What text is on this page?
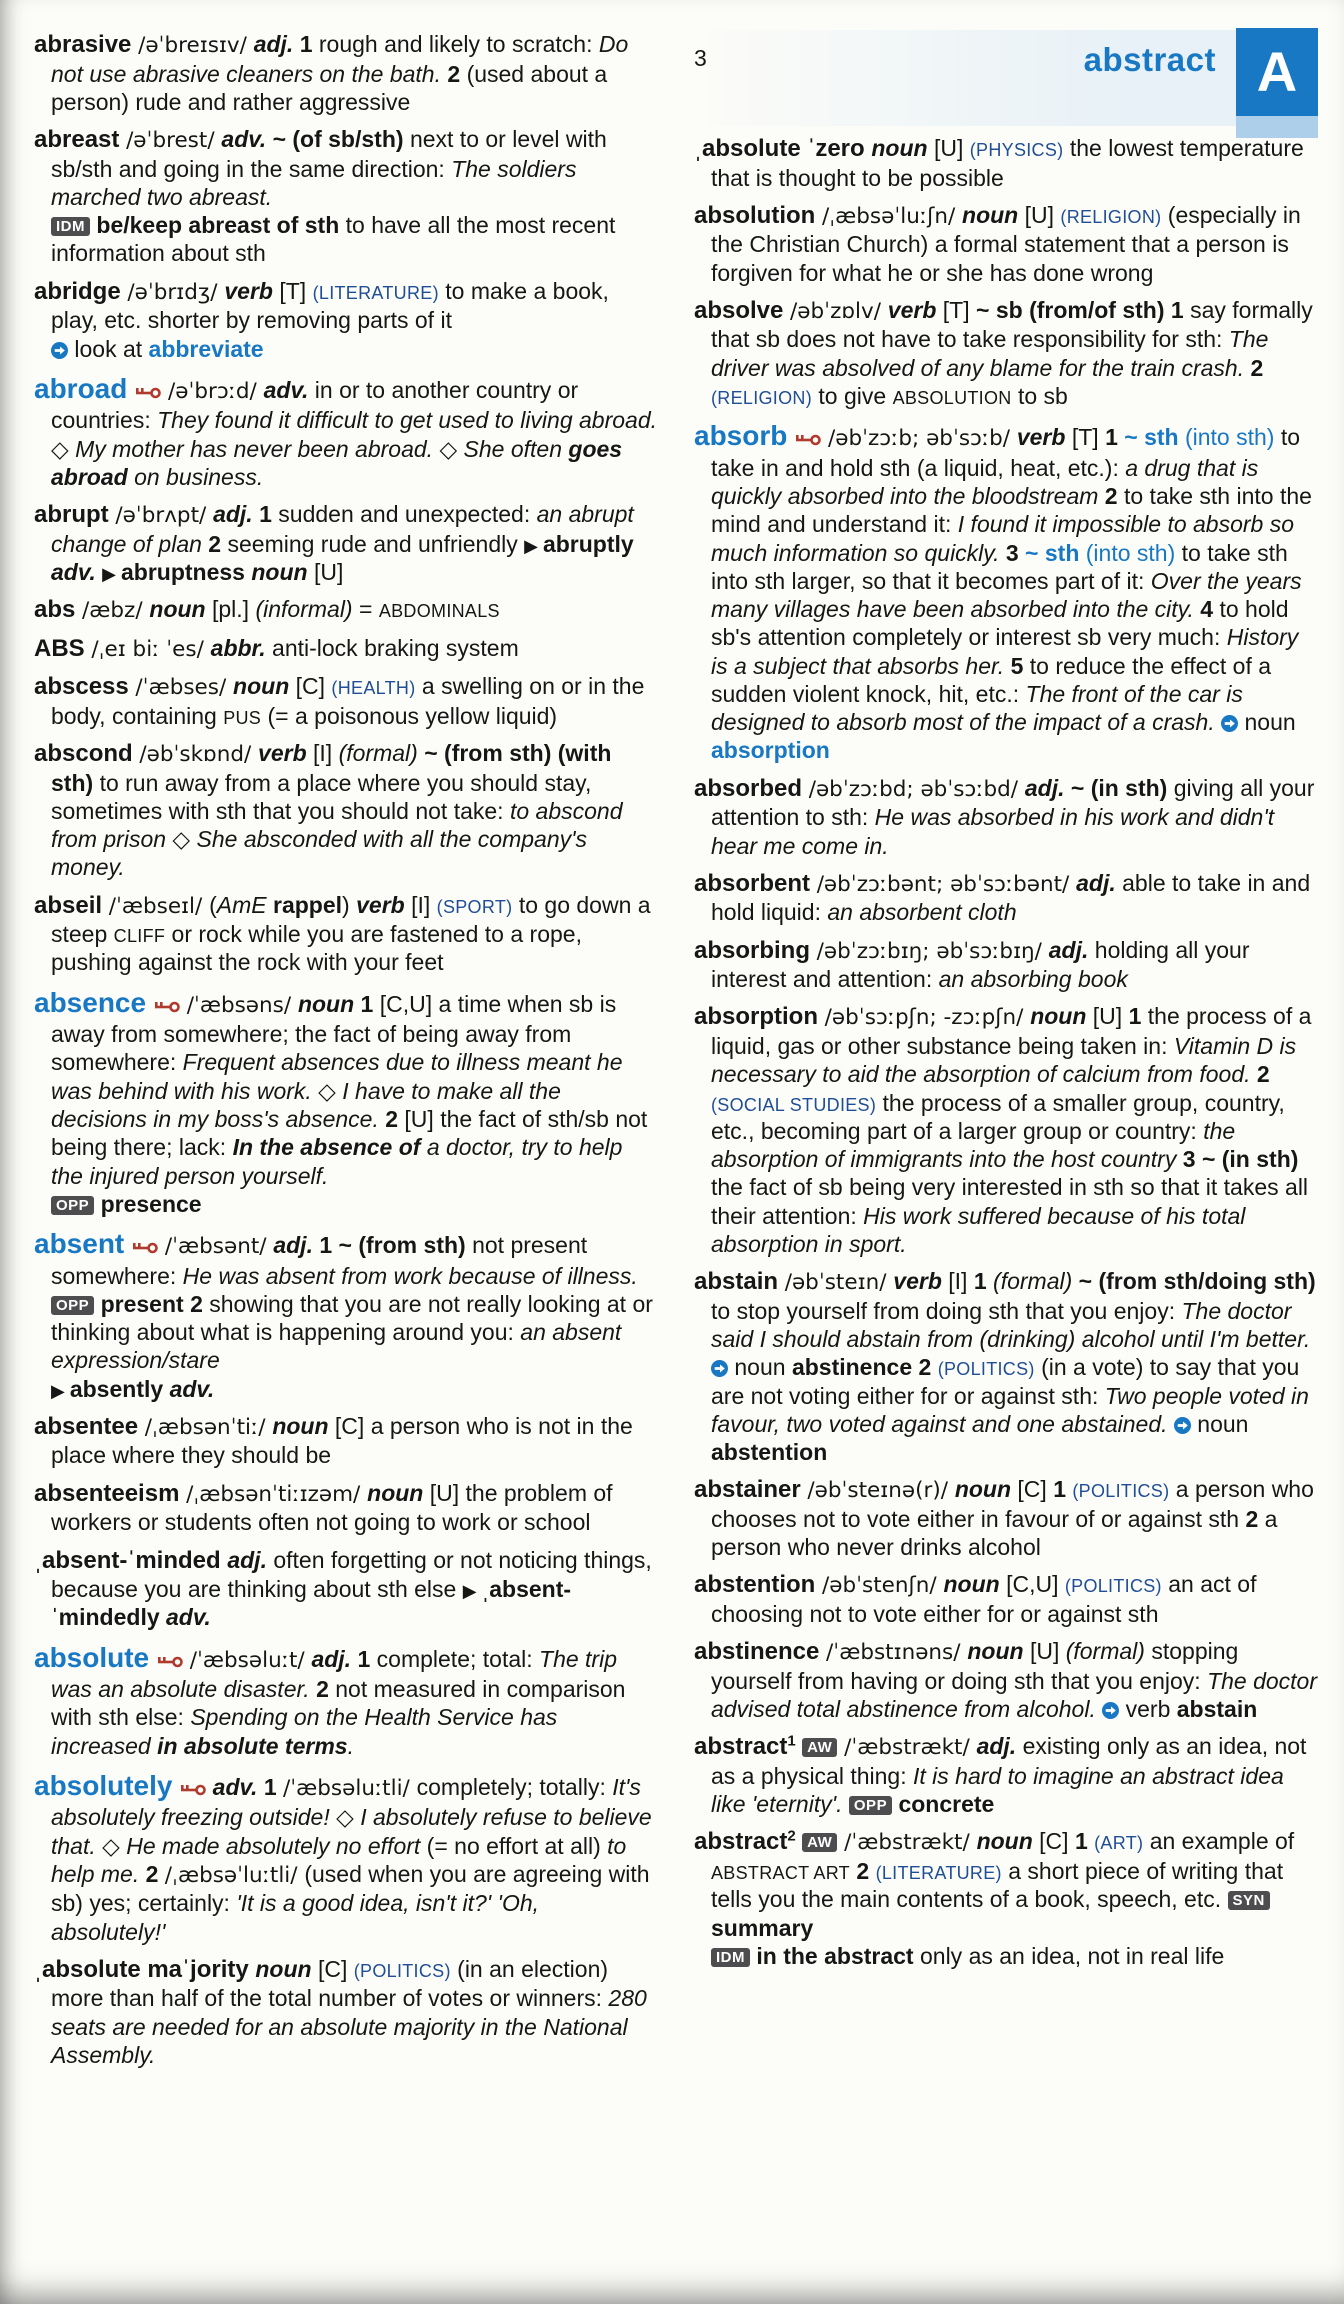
abrasive /əˈbreɪsɪv/ adj. 1 rough and likely to scratch: Do not use abrasive cleaners on the bath. 2 (used about a person) rude and rather aggressive
abreast /əˈbrest/ adv. ~ (of sb/sth) next to or level with sb/sth and going in the same direction: The soldiers marched two abreast.
IDM be/keep abreast of sth to have all the most recent information about sth
abridge /əˈbrɪdʒ/ verb [T] (LITERATURE) to make a book, play, etc. shorter by removing parts of it
look at abbreviate
abroad  /əˈbrɔːd/ adv. in or to another country or countries: They found it difficult to get used to living abroad. ◇ My mother has never been abroad. ◇ She often goes abroad on business.
abrupt /əˈbrʌpt/ adj. 1 sudden and unexpected: an abrupt change of plan 2 seeming rude and unfriendly ▶ abruptly adv. ▶ abruptness noun [U]
abs /æbz/ noun [pl.] (informal) = ABDOMINALS
ABS /ˌeɪ biː ˈes/ abbr. anti-lock braking system
abscess /ˈæbses/ noun [C] (HEALTH) a swelling on or in the body, containing PUS (= a poisonous yellow liquid)
abscond /əbˈskɒnd/ verb [I] (formal) ~ (from sth) (with sth) to run away from a place where you should stay, sometimes with sth that you should not take: to abscond from prison ◇ She absconded with all the company's money.
abseil /ˈæbseɪl/ (AmE rappel) verb [I] (SPORT) to go down a steep CLIFF or rock while you are fastened to a rope, pushing against the rock with your feet
absence  /ˈæbsəns/ noun 1 [C,U] a time when sb is away from somewhere; the fact of being away from somewhere: Frequent absences due to illness meant he was behind with his work. ◇ I have to make all the decisions in my boss's absence. 2 [U] the fact of sth/sb not being there; lack: In the absence of a doctor, try to help the injured person yourself.
OPP presence
absent  /ˈæbsənt/ adj. 1 ~ (from sth) not present somewhere: He was absent from work because of illness. OPP present 2 showing that you are not really looking at or thinking about what is happening around you: an absent expression/stare
▶ absently adv.
absentee /ˌæbsənˈtiː/ noun [C] a person who is not in the place where they should be
absenteeism /ˌæbsənˈtiːɪzəm/ noun [U] the problem of workers or students often not going to work or school
ˌabsent-ˈminded adj. often forgetting or not noticing things, because you are thinking about sth else ▶ ˌabsent-ˈmindedly adv.
absolute  /ˈæbsəluːt/ adj. 1 complete; total: The trip was an absolute disaster. 2 not measured in comparison with sth else: Spending on the Health Service has increased in absolute terms.
absolutely  adv. 1 /ˈæbsəluːtli/ completely; totally: It's absolutely freezing outside! ◇ I absolutely refuse to believe that. ◇ He made absolutely no effort (= no effort at all) to help me. 2 /ˌæbsəˈluːtli/ (used when you are agreeing with sb) yes; certainly: 'It is a good idea, isn't it?' 'Oh, absolutely!'
ˌabsolute maˈjority noun [C] (POLITICS) (in an election) more than half of the total number of votes or winners: 280 seats are needed for an absolute majority in the National Assembly.
3	abstract A
ˌabsolute ˈzero noun [U] (PHYSICS) the lowest temperature that is thought to be possible
absolution /ˌæbsəˈluːʃn/ noun [U] (RELIGION) (especially in the Christian Church) a formal statement that a person is forgiven for what he or she has done wrong
absolve /əbˈzɒlv/ verb [T] ~ sb (from/of sth) 1 say formally that sb does not have to take responsibility for sth: The driver was absolved of any blame for the train crash. 2 (RELIGION) to give ABSOLUTION to sb
absorb  /əbˈzɔːb; əbˈsɔːb/ verb [T] 1 ~ sth (into sth) to take in and hold sth (a liquid, heat, etc.): a drug that is quickly absorbed into the bloodstream 2 to take sth into the mind and understand it: I found it impossible to absorb so much information so quickly. 3 ~ sth (into sth) to take sth into sth larger, so that it becomes part of it: Over the years many villages have been absorbed into the city. 4 to hold sb's attention completely or interest sb very much: History is a subject that absorbs her. 5 to reduce the effect of a sudden violent knock, hit, etc.: The front of the car is designed to absorb most of the impact of a crash.  noun absorption
absorbed /əbˈzɔːbd; əbˈsɔːbd/ adj. ~ (in sth) giving all your attention to sth: He was absorbed in his work and didn't hear me come in.
absorbent /əbˈzɔːbənt; əbˈsɔːbənt/ adj. able to take in and hold liquid: an absorbent cloth
absorbing /əbˈzɔːbɪŋ; əbˈsɔːbɪŋ/ adj. holding all your interest and attention: an absorbing book
absorption /əbˈsɔːpʃn; -zɔːpʃn/ noun [U] 1 the process of a liquid, gas or other substance being taken in: Vitamin D is necessary to aid the absorption of calcium from food. 2 (SOCIAL STUDIES) the process of a smaller group, country, etc., becoming part of a larger group or country: the absorption of immigrants into the host country 3 ~ (in sth) the fact of sb being very interested in sth so that it takes all their attention: His work suffered because of his total absorption in sport.
abstain /əbˈsteɪn/ verb [I] 1 (formal) ~ (from sth/doing sth) to stop yourself from doing sth that you enjoy: The doctor said I should abstain from (drinking) alcohol until I'm better.  noun abstinence 2 (POLITICS) (in a vote) to say that you are not voting either for or against sth: Two people voted in favour, two voted against and one abstained.  noun abstention
abstainer /əbˈsteɪnə(r)/ noun [C] 1 (POLITICS) a person who chooses not to vote either in favour of or against sth 2 a person who never drinks alcohol
abstention /əbˈstenʃn/ noun [C,U] (POLITICS) an act of choosing not to vote either for or against sth
abstinence /ˈæbstɪnəns/ noun [U] (formal) stopping yourself from having or doing sth that you enjoy: The doctor advised total abstinence from alcohol.  verb abstain
abstract$^1$ AW /ˈæbstrækt/ adj. existing only as an idea, not as a physical thing: It is hard to imagine an abstract idea like 'eternity'. OPP concrete
abstract$^2$ AW /ˈæbstrækt/ noun [C] 1 (ART) an example of ABSTRACT ART 2 (LITERATURE) a short piece of writing that tells you the main contents of a book, speech, etc. SYN summary
IDM in the abstract only as an idea, not in real life
